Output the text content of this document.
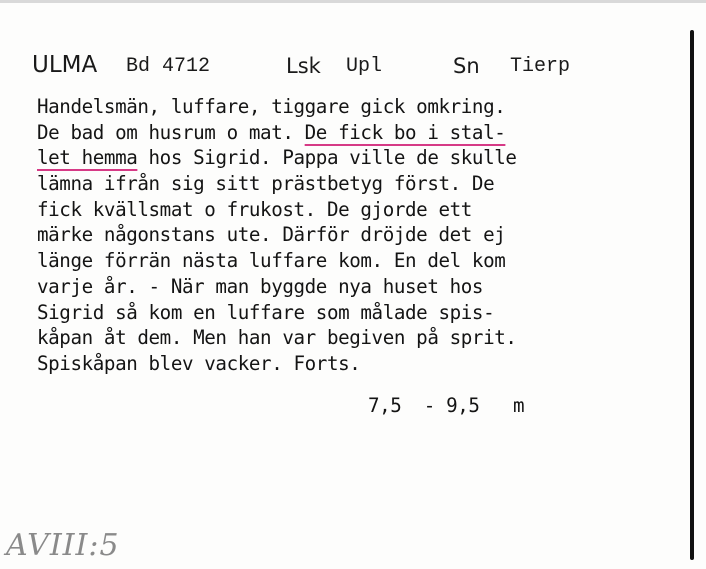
ULMA Bd 4712	Lsk Upl	Sn Tierp
Handelsmän, luffare, tiggare gick omkring.
De bad om husrum o mat. De fick bo i stal-
let hemma hos Sigrid. Pappa ville de skulle
lämna ifrån sig sitt prästbetyg först. De
fick kvällsmat o frukost. De gjorde ett
märke någonstans ute. Därför dröjde det ej
länge förrän nästa luffare kom. En del kom
varje år. - När man byggde nya huset hos
Sigrid så kom en luffare som målade spis-
kåpan åt dem. Men han var begiven på sprit.
Spiskåpan blev vacker. Forts.
7,5  - 9,5   m
AVIII:5
